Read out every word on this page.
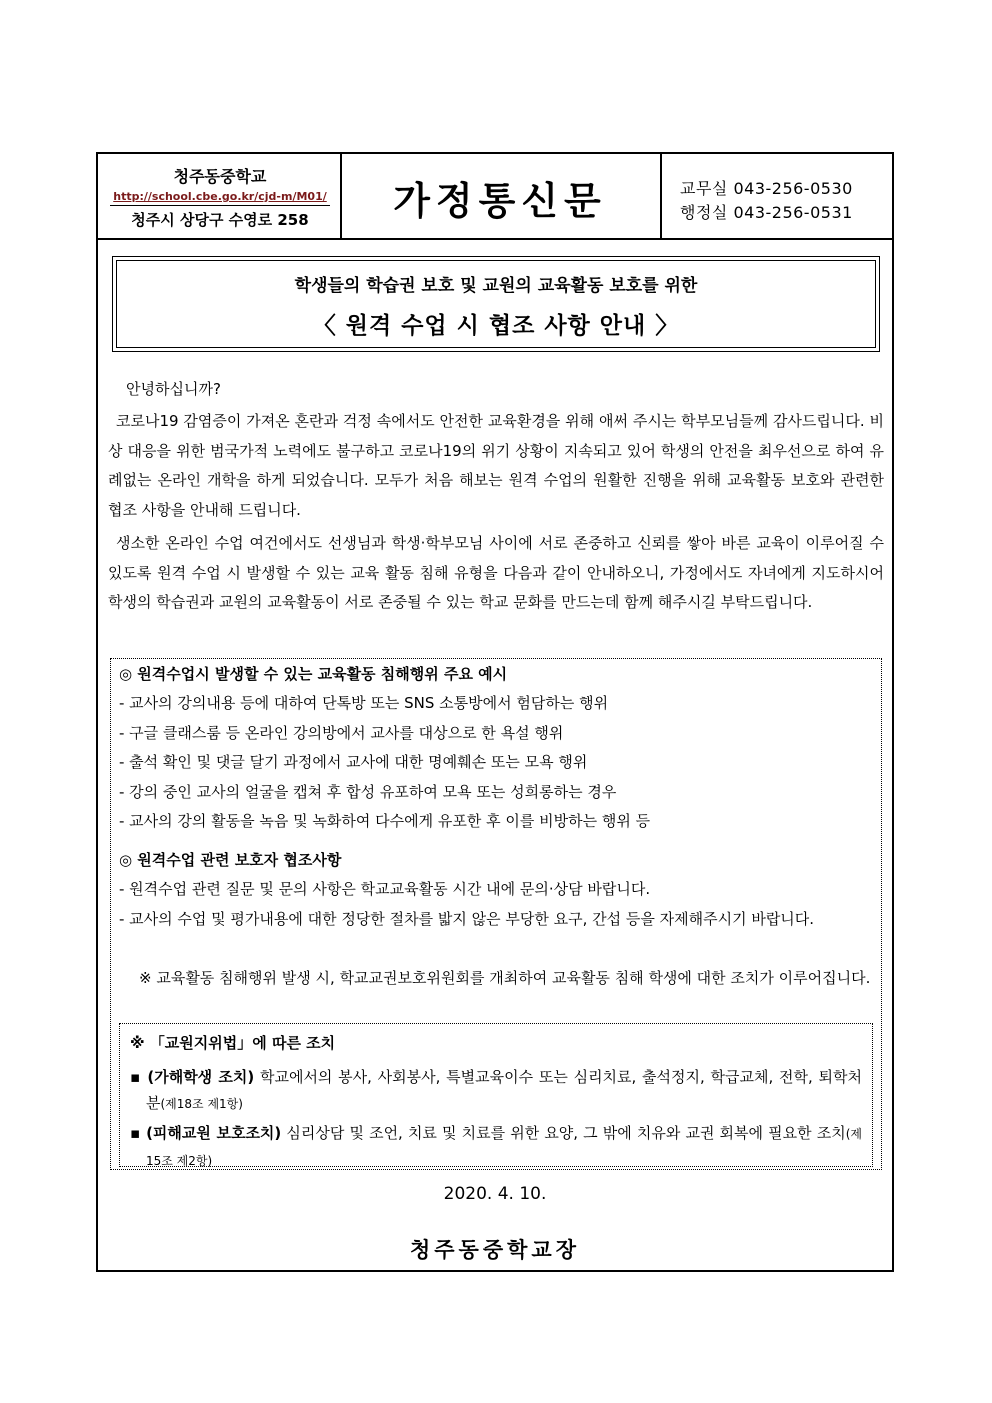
청주동중학교
http://school.cbe.go.kr/cjd-m/M01/
청주시 상당구 수영로 258	가정통신문	교무실 043-256-0530
행정실 043-256-0531
학생들의 학습권 보호 및 교원의 교육활동 보호를 위한
〈 원격 수업 시 협조 사항 안내 〉
안녕하십니까?
코로나19 감염증이 가져온 혼란과 걱정 속에서도 안전한 교육환경을 위해 애써 주시는 학부모님들께 감사드립니다. 비상 대응을 위한 범국가적 노력에도 불구하고 코로나19의 위기 상황이 지속되고 있어 학생의 안전을 최우선으로 하여 유례없는 온라인 개학을 하게 되었습니다. 모두가 처음 해보는 원격 수업의 원활한 진행을 위해 교육활동 보호와 관련한 협조 사항을 안내해 드립니다.
생소한 온라인 수업 여건에서도 선생님과 학생·학부모님 사이에 서로 존중하고 신뢰를 쌓아 바른 교육이 이루어질 수 있도록 원격 수업 시 발생할 수 있는 교육 활동 침해 유형을 다음과 같이 안내하오니, 가정에서도 자녀에게 지도하시어 학생의 학습권과 교원의 교육활동이 서로 존중될 수 있는 학교 문화를 만드는데 함께 해주시길 부탁드립니다.
◎ 원격수업시 발생할 수 있는 교육활동 침해행위 주요 예시
- 교사의 강의내용 등에 대하여 단톡방 또는 SNS 소통방에서 험담하는 행위
- 구글 클래스룸 등 온라인 강의방에서 교사를 대상으로 한 욕설 행위
- 출석 확인 및 댓글 달기 과정에서 교사에 대한 명예훼손 또는 모욕 행위
- 강의 중인 교사의 얼굴을 캡쳐 후 합성 유포하여 모욕 또는 성희롱하는 경우
- 교사의 강의 활동을 녹음 및 녹화하여 다수에게 유포한 후 이를 비방하는 행위 등
◎ 원격수업 관련 보호자 협조사항
- 원격수업 관련 질문 및 문의 사항은 학교교육활동 시간 내에 문의·상담 바랍니다.
- 교사의 수업 및 평가내용에 대한 정당한 절차를 밟지 않은 부당한 요구, 간섭 등을 자제해주시기 바랍니다.
※ 교육활동 침해행위 발생 시, 학교교권보호위원회를 개최하여 교육활동 침해 학생에 대한 조치가 이루어집니다.
※ 「교원지위법」에 따른 조치
▪ (가해학생 조치) 학교에서의 봉사, 사회봉사, 특별교육이수 또는 심리치료, 출석정지, 학급교체, 전학, 퇴학처분(제18조 제1항)
▪ (피해교원 보호조치) 심리상담 및 조언, 치료 및 치료를 위한 요양, 그 밖에 치유와 교권 회복에 필요한 조치(제15조 제2항)
2020. 4. 10.
청주동중학교장
